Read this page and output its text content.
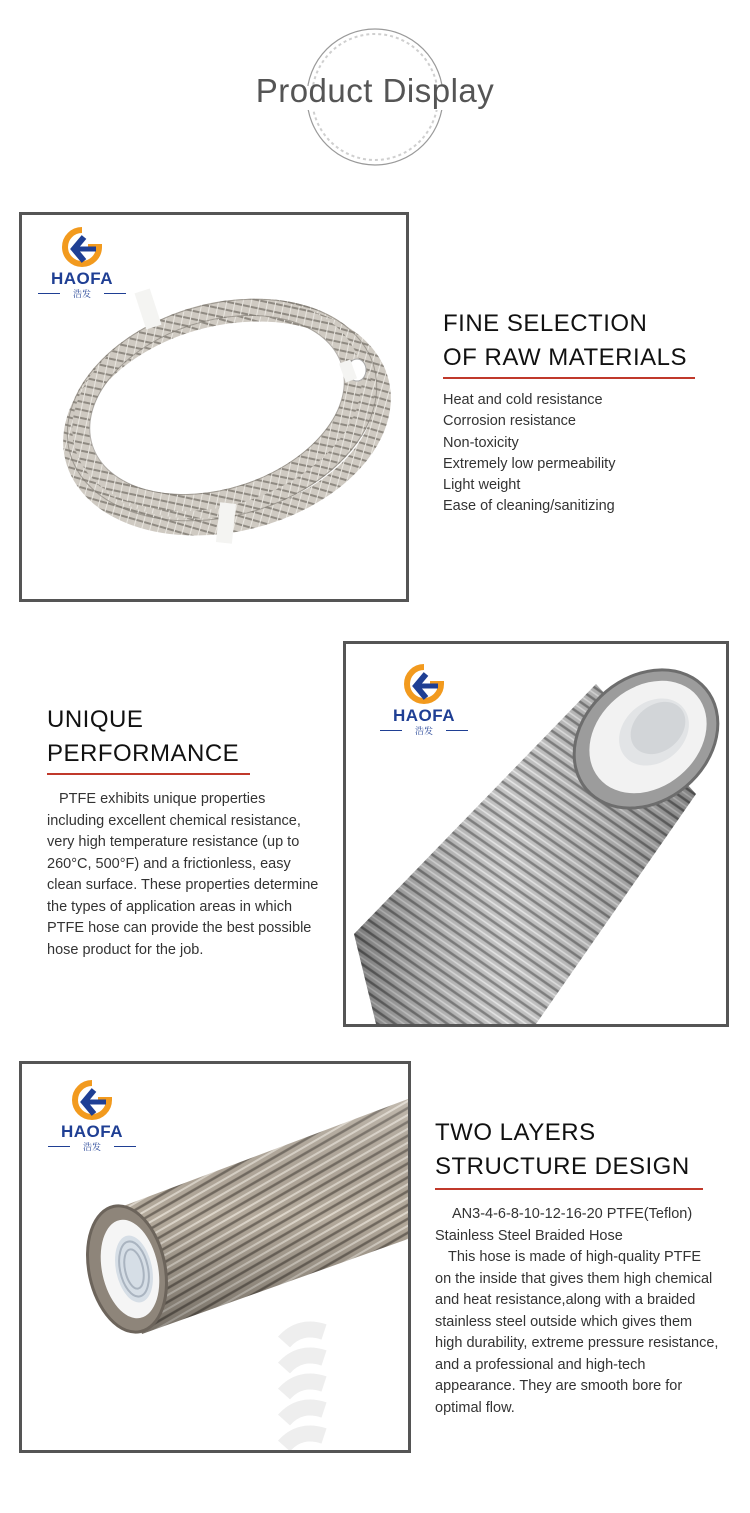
Product Display
HAOFA
浩发
FINE SELECTION
OF RAW MATERIALS
Heat and cold resistance
Corrosion resistance
Non-toxicity
Extremely low permeability
Light weight
Ease of cleaning/sanitizing
UNIQUE
PERFORMANCE
PTFE exhibits unique properties
including excellent chemical resistance,
very high temperature resistance (up to
260°C, 500°F) and a frictionless, easy
clean surface. These properties determine
the types of application areas in which
PTFE hose can provide the best possible
hose product for the job.
HAOFA
浩发
HAOFA
浩发
TWO LAYERS
STRUCTURE DESIGN
AN3-4-6-8-10-12-16-20 PTFE(Teflon)
Stainless Steel Braided Hose
This hose is made of high-quality PTFE
on the inside that gives them high chemical
and heat resistance,along with a braided
stainless steel outside which gives them
high durability, extreme pressure resistance,
and a professional and high-tech
appearance. They are smooth bore for
optimal flow.
